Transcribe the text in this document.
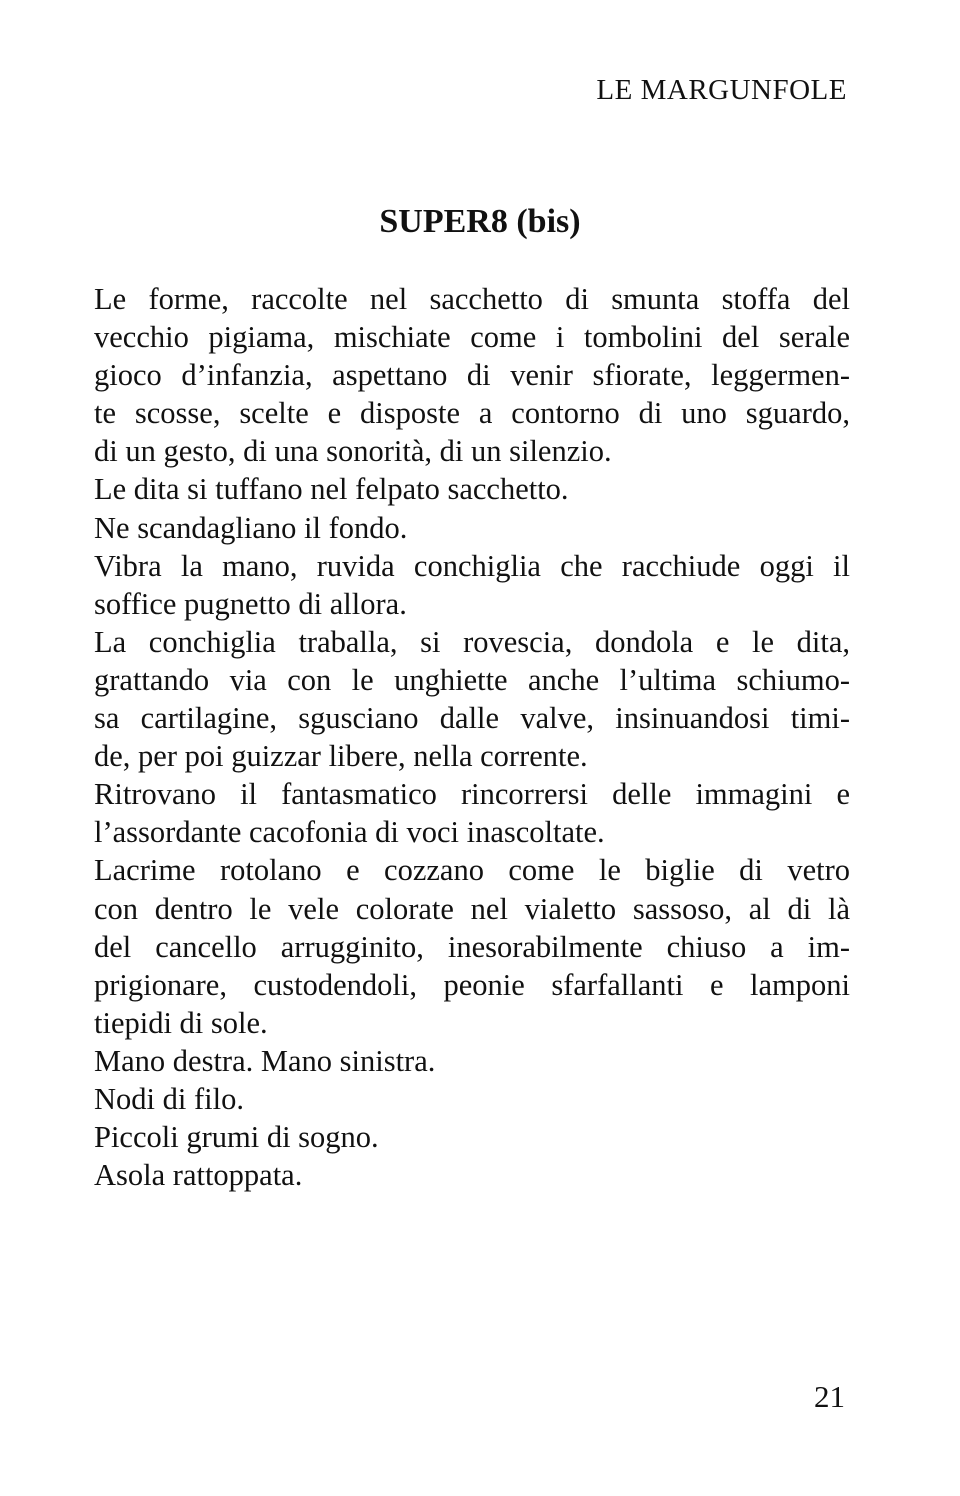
LE MARGUNFOLE
SUPER8 (bis)
Le forme, raccolte nel sacchetto di smunta stoffa del
vecchio pigiama, mischiate come i tombolini del serale
gioco d’infanzia, aspettano di venir sfiorate, leggermen-
te scosse, scelte e disposte a contorno di uno sguardo,
di un gesto, di una sonorità, di un silenzio.
Le dita si tuffano nel felpato sacchetto.
Ne scandagliano il fondo.
Vibra la mano, ruvida conchiglia che racchiude oggi il
soffice pugnetto di allora.
La conchiglia traballa, si rovescia, dondola e le dita,
grattando via con le unghiette anche l’ultima schiumo-
sa cartilagine, sgusciano dalle valve, insinuandosi timi-
de, per poi guizzar libere, nella corrente.
Ritrovano il fantasmatico rincorrersi delle immagini e
l’assordante cacofonia di voci inascoltate.
Lacrime rotolano e cozzano come le biglie di vetro
con dentro le vele colorate nel vialetto sassoso, al di là
del cancello arrugginito, inesorabilmente chiuso a im-
prigionare, custodendoli, peonie sfarfallanti e lamponi
tiepidi di sole.
Mano destra. Mano sinistra.
Nodi di filo.
Piccoli grumi di sogno.
Asola rattoppata.
21
